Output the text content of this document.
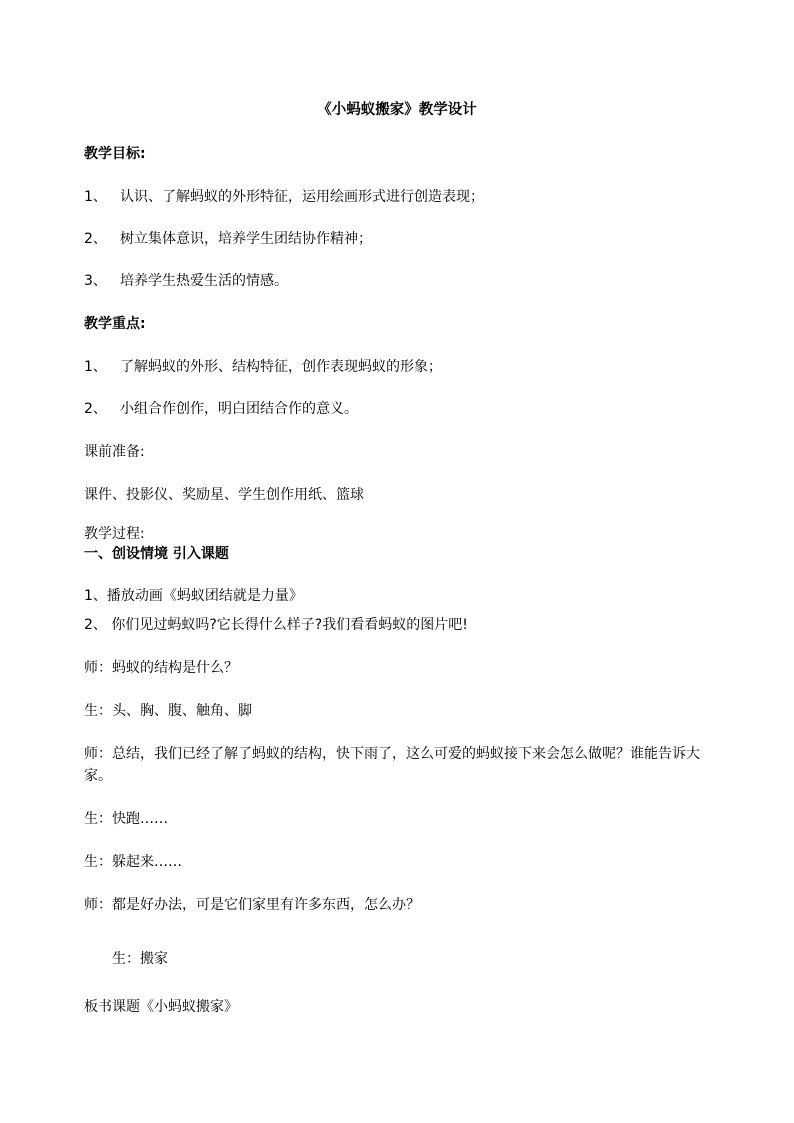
《小蚂蚁搬家》教学设计
教学目标:
1、 认识、了解蚂蚁的外形特征，运用绘画形式进行创造表现；
2、 树立集体意识，培养学生团结协作精神；
3、 培养学生热爱生活的情感。
教学重点:
1、 了解蚂蚁的外形、结构特征，创作表现蚂蚁的形象；
2、 小组合作创作，明白团结合作的意义。
课前准备:
课件、投影仪、奖励星、学生创作用纸、篮球
教学过程:
一、创设情境 引入课题
1、播放动画《蚂蚁团结就是力量》
2、 你们见过蚂蚁吗?它长得什么样子?我们看看蚂蚁的图片吧!
师：蚂蚁的结构是什么？
生：头、胸、腹、触角、脚
师：总结，我们已经了解了蚂蚁的结构，快下雨了，这么可爱的蚂蚁接下来会怎么做呢？谁能告诉大家。
生：快跑……
生：躲起来……
师：都是好办法，可是它们家里有许多东西，怎么办？
生：搬家
板书课题《小蚂蚁搬家》
